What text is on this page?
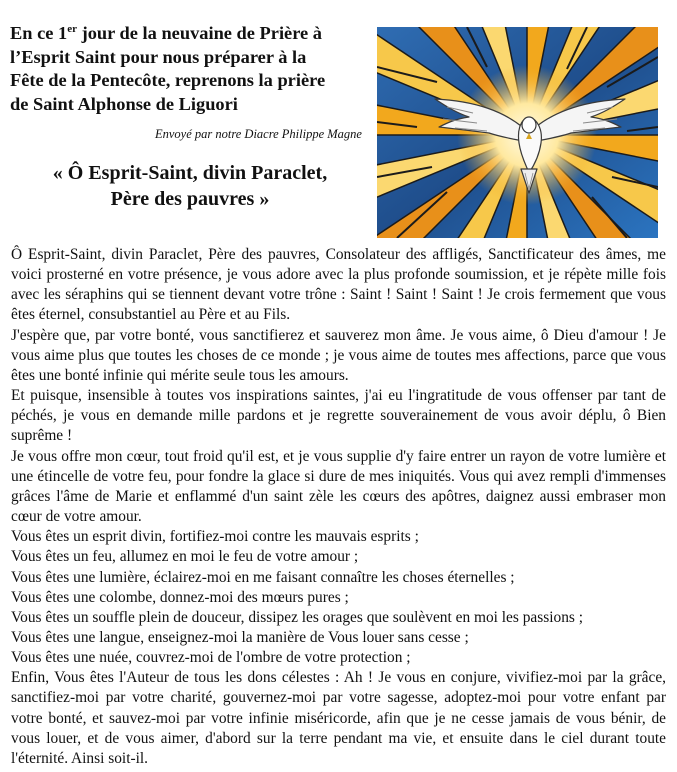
En ce 1er jour de la neuvaine de Prière à
l’Esprit Saint pour nous préparer à la
Fête de la Pentecôte, reprenons la prière
de Saint Alphonse de Liguori
Envoyé par notre Diacre Philippe Magne
« Ô Esprit-Saint, divin Paraclet,
Père des pauvres »

Ô Esprit-Saint, divin Paraclet, Père des pauvres, Consolateur des affligés, Sanctificateur des âmes, me voici prosterné en votre présence, je vous adore avec la plus profonde soumission, et je répète mille fois avec les séraphins qui se tiennent devant votre trône : Saint ! Saint ! Saint ! Je crois fermement que vous êtes éternel, consubstantiel au Père et au Fils.

J'espère que, par votre bonté, vous sanctifierez et sauverez mon âme. Je vous aime, ô Dieu d'amour ! Je vous aime plus que toutes les choses de ce monde ; je vous aime de toutes mes affections, parce que vous êtes une bonté infinie qui mérite seule tous les amours.

Et puisque, insensible à toutes vos inspirations saintes, j'ai eu l'ingratitude de vous offenser par tant de péchés, je vous en demande mille pardons et je regrette souverainement de vous avoir déplu, ô Bien suprême !

Je vous offre mon cœur, tout froid qu'il est, et je vous supplie d'y faire entrer un rayon de votre lumière et une étincelle de votre feu, pour fondre la glace si dure de mes iniquités. Vous qui avez rempli d'immenses grâces l'âme de Marie et enflammé d'un saint zèle les cœurs des apôtres, daignez aussi embraser mon cœur de votre amour.

Vous êtes un esprit divin, fortifiez-moi contre les mauvais esprits ;

Vous êtes un feu, allumez en moi le feu de votre amour ;

Vous êtes une lumière, éclairez-moi en me faisant connaître les choses éternelles ;

Vous êtes une colombe, donnez-moi des mœurs pures ;

Vous êtes un souffle plein de douceur, dissipez les orages que soulèvent en moi les passions ;

Vous êtes une langue, enseignez-moi la manière de Vous louer sans cesse ;

Vous êtes une nuée, couvrez-moi de l'ombre de votre protection ;

Enfin, Vous êtes l'Auteur de tous les dons célestes : Ah ! Je vous en conjure, vivifiez-moi par la grâce, sanctifiez-moi par votre charité, gouvernez-moi par votre sagesse, adoptez-moi pour votre enfant par votre bonté, et sauvez-moi par votre infinie miséricorde, afin que je ne cesse jamais de vous bénir, de vous louer, et de vous aimer, d'abord sur la terre pendant ma vie, et ensuite dans le ciel durant toute l'éternité. Ainsi soit-il.
